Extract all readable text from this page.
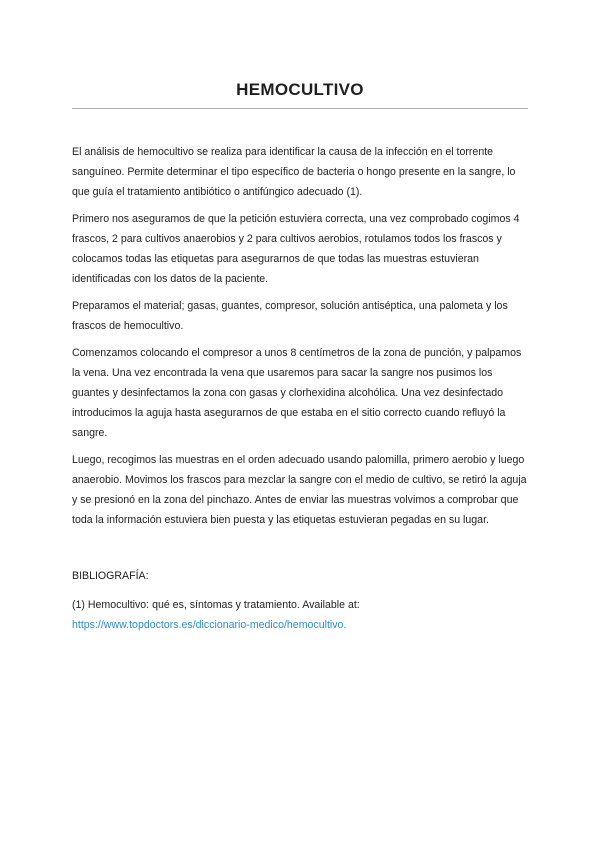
HEMOCULTIVO

El análisis de hemocultivo se realiza para identificar la causa de la infección en el torrente sanguíneo. Permite determinar el tipo específico de bacteria o hongo presente en la sangre, lo que guía el tratamiento antibiótico o antifúngico adecuado (1).

Primero nos aseguramos de que la petición estuviera correcta, una vez comprobado cogimos 4 frascos, 2 para cultivos anaerobios y 2 para cultivos aerobios, rotulamos todos los frascos y colocamos todas las etiquetas para asegurarnos de que todas las muestras estuvieran identificadas con los datos de la paciente.

Preparamos el material; gasas, guantes, compresor, solución antiséptica, una palometa y los frascos de hemocultivo.

Comenzamos colocando el compresor a unos 8 centímetros de la zona de punción, y palpamos la vena. Una vez encontrada la vena que usaremos para sacar la sangre nos pusimos los guantes y desinfectamos la zona con gasas y clorhexidina alcohólica. Una vez desinfectado introducimos la aguja hasta asegurarnos de que estaba en el sitio correcto cuando refluyó la sangre.

Luego, recogimos las muestras en el orden adecuado usando palomilla, primero aerobio y luego anaerobio. Movimos los frascos para mezclar la sangre con el medio de cultivo, se retiró la aguja y se presionó en la zona del pinchazo. Antes de enviar las muestras volvimos a comprobar que toda la información estuviera bien puesta y las etiquetas estuvieran pegadas en su lugar.

BIBLIOGRAFÍA:

(1) Hemocultivo: qué es, síntomas y tratamiento. Available at:
https://www.topdoctors.es/diccionario-medico/hemocultivo.
